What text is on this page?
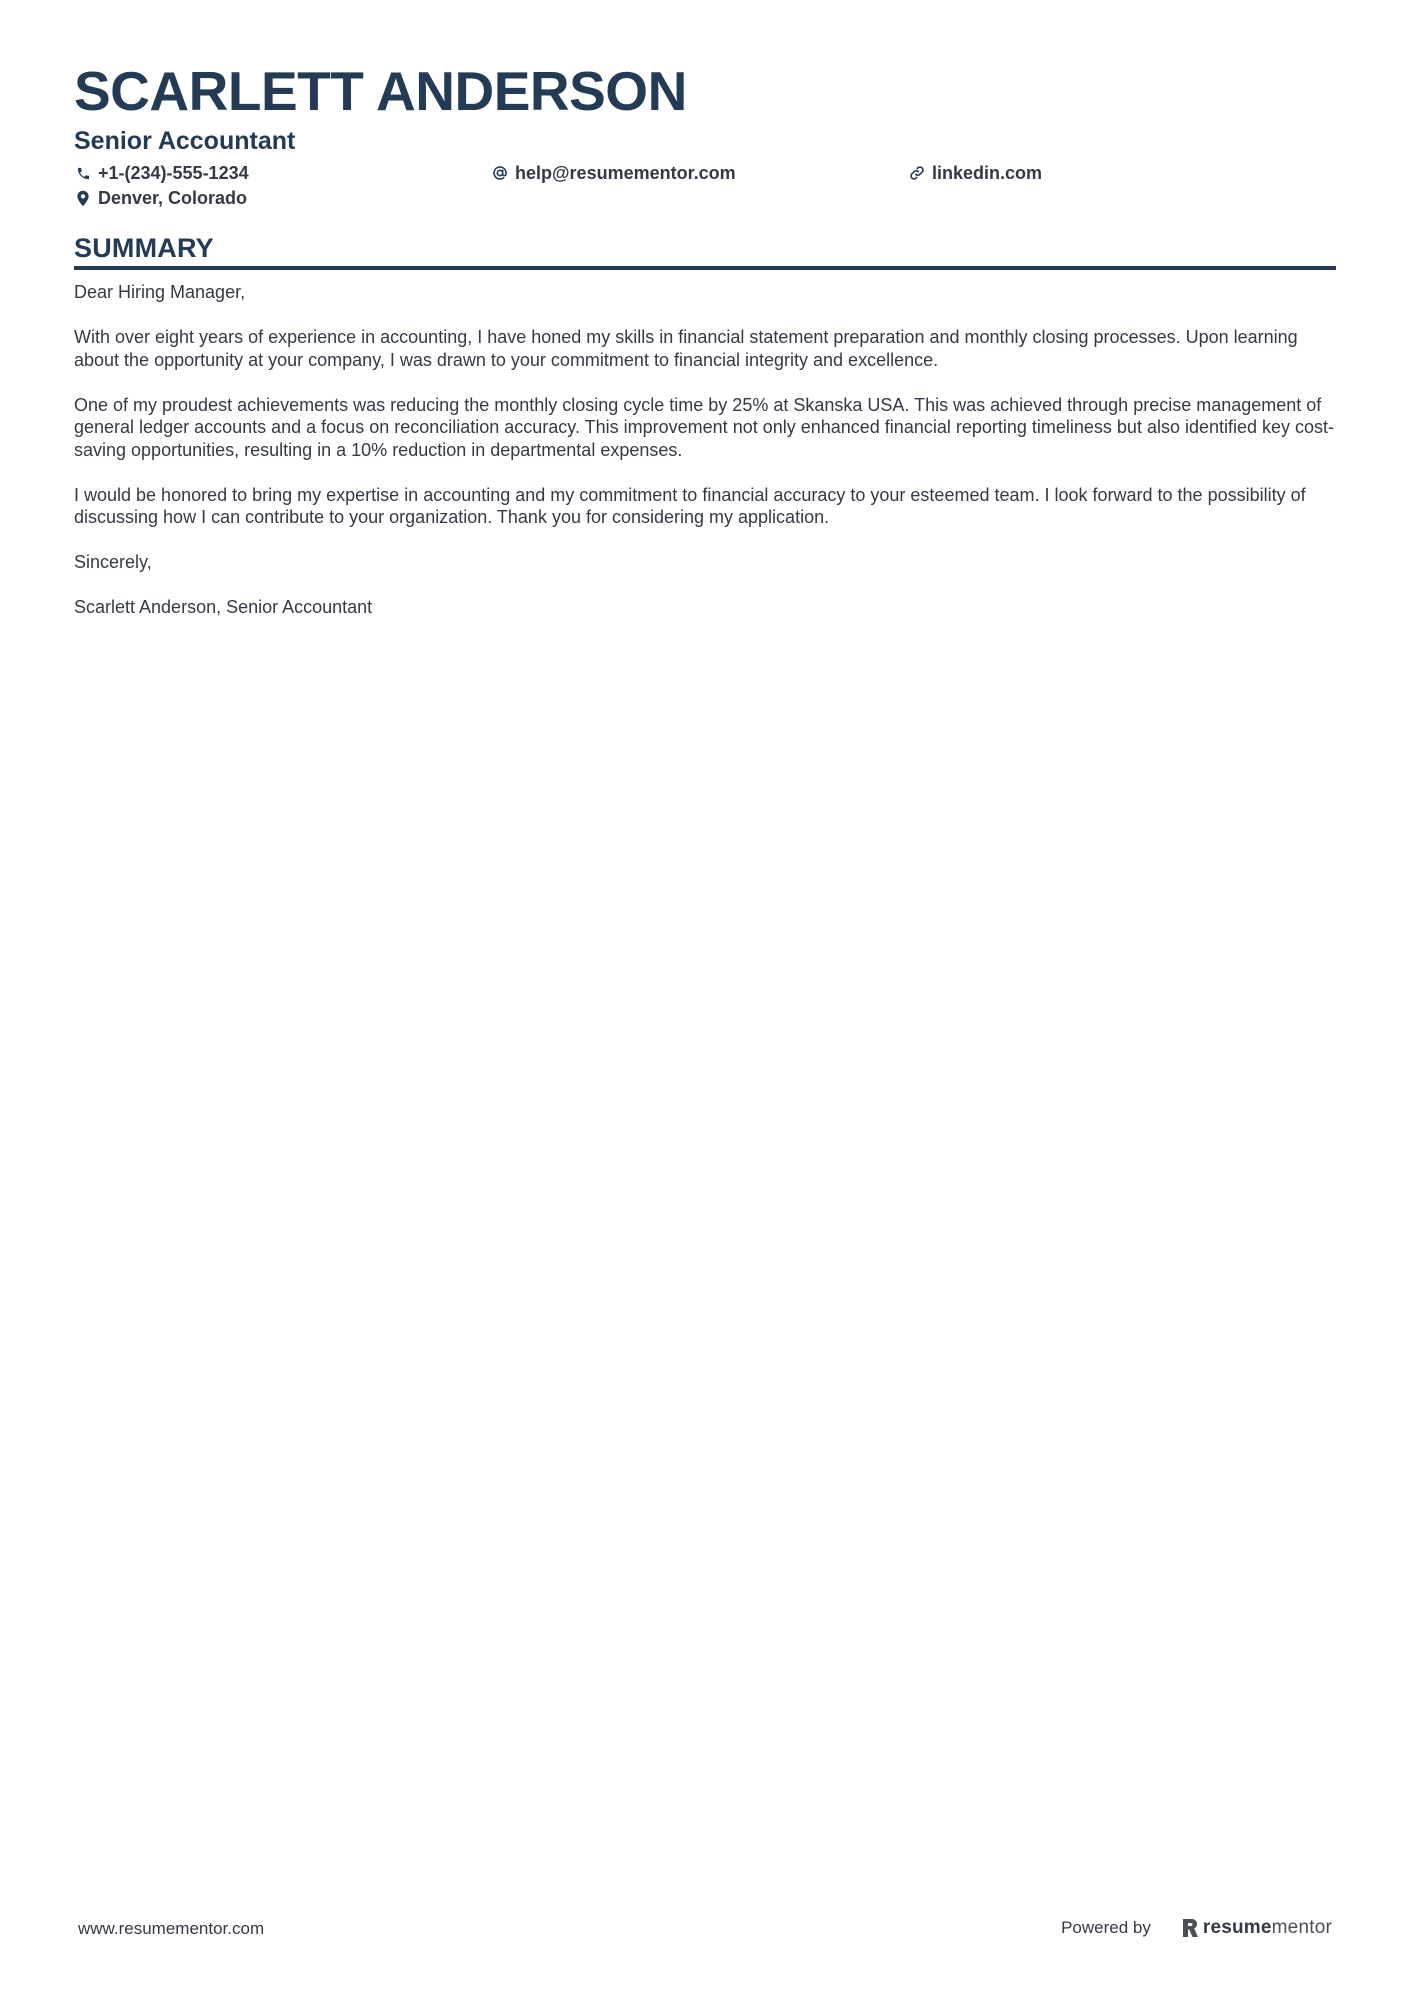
SCARLETT ANDERSON
Senior Accountant
+1-(234)-555-1234	help@resumementor.com	linkedin.com
Denver, Colorado
SUMMARY

Dear Hiring Manager,

With over eight years of experience in accounting, I have honed my skills in financial statement preparation and monthly closing processes. Upon learning about the opportunity at your company, I was drawn to your commitment to financial integrity and excellence.

One of my proudest achievements was reducing the monthly closing cycle time by 25% at Skanska USA. This was achieved through precise management of general ledger accounts and a focus on reconciliation accuracy. This improvement not only enhanced financial reporting timeliness but also identified key cost-saving opportunities, resulting in a 10% reduction in departmental expenses.

I would be honored to bring my expertise in accounting and my commitment to financial accuracy to your esteemed team. I look forward to the possibility of discussing how I can contribute to your organization. Thank you for considering my application.

Sincerely,

Scarlett Anderson, Senior Accountant

www.resumementor.com	Powered by	resumementor
